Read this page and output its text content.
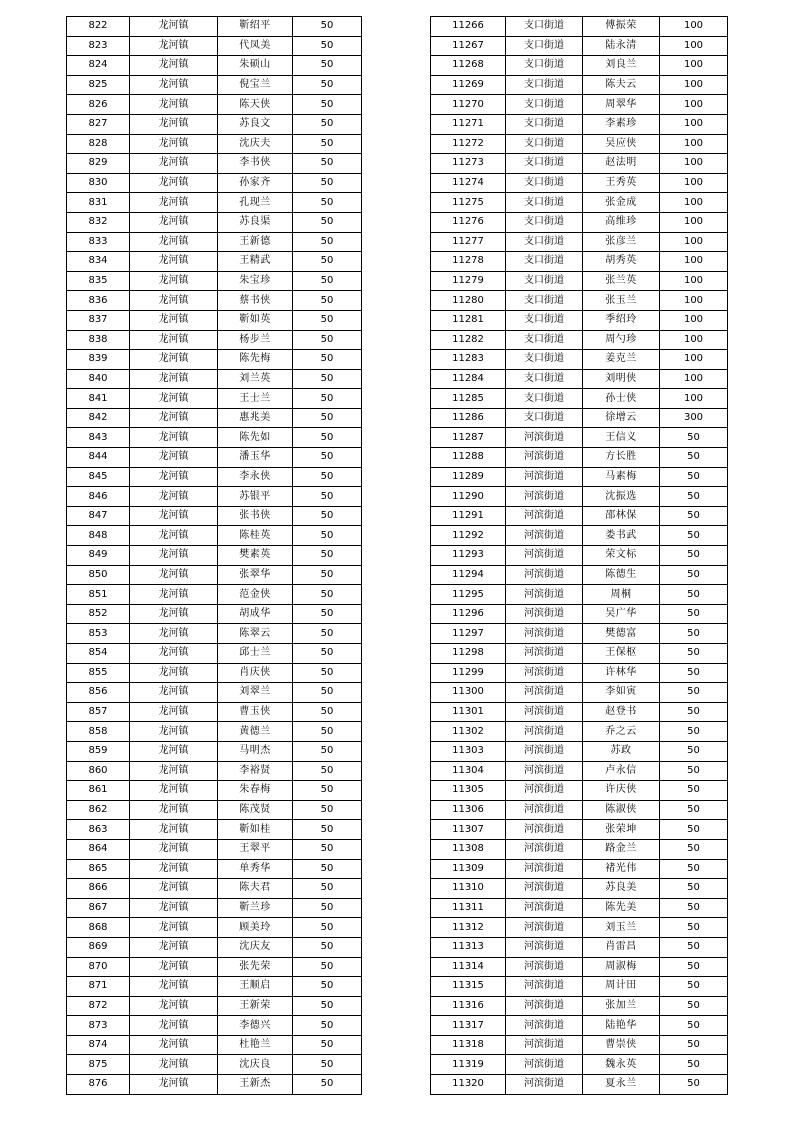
822	龙河镇	靳绍平	50
823	龙河镇	代凤美	50
824	龙河镇	朱硕山	50
825	龙河镇	倪宝兰	50
826	龙河镇	陈天侠	50
827	龙河镇	苏良文	50
828	龙河镇	沈庆夫	50
829	龙河镇	李书侠	50
830	龙河镇	孙家齐	50
831	龙河镇	孔现兰	50
832	龙河镇	苏良渠	50
833	龙河镇	王新德	50
834	龙河镇	王精武	50
835	龙河镇	朱宝珍	50
836	龙河镇	蔡书侠	50
837	龙河镇	靳如英	50
838	龙河镇	杨步兰	50
839	龙河镇	陈先梅	50
840	龙河镇	刘兰英	50
841	龙河镇	王士兰	50
842	龙河镇	惠兆美	50
843	龙河镇	陈先如	50
844	龙河镇	潘玉华	50
845	龙河镇	李永侠	50
846	龙河镇	苏银平	50
847	龙河镇	张书侠	50
848	龙河镇	陈桂英	50
849	龙河镇	樊素英	50
850	龙河镇	张翠华	50
851	龙河镇	范金侠	50
852	龙河镇	胡成华	50
853	龙河镇	陈翠云	50
854	龙河镇	邱士兰	50
855	龙河镇	肖庆侠	50
856	龙河镇	刘翠兰	50
857	龙河镇	曹玉侠	50
858	龙河镇	黄德兰	50
859	龙河镇	马明杰	50
860	龙河镇	李裕贤	50
861	龙河镇	朱春梅	50
862	龙河镇	陈茂贤	50
863	龙河镇	靳如桂	50
864	龙河镇	王翠平	50
865	龙河镇	单秀华	50
866	龙河镇	陈夫君	50
867	龙河镇	靳兰珍	50
868	龙河镇	顾美玲	50
869	龙河镇	沈庆友	50
870	龙河镇	张先荣	50
871	龙河镇	王顺启	50
872	龙河镇	王新荣	50
873	龙河镇	李德兴	50
874	龙河镇	杜艳兰	50
875	龙河镇	沈庆良	50
876	龙河镇	王新杰	50
11266	支口街道	傅振荣	100
11267	支口街道	陆永清	100
11268	支口街道	刘良兰	100
11269	支口街道	陈夫云	100
11270	支口街道	周翠华	100
11271	支口街道	李素珍	100
11272	支口街道	吴应侠	100
11273	支口街道	赵法明	100
11274	支口街道	王秀英	100
11275	支口街道	张金成	100
11276	支口街道	高维珍	100
11277	支口街道	张彦兰	100
11278	支口街道	胡秀英	100
11279	支口街道	张兰英	100
11280	支口街道	张玉兰	100
11281	支口街道	季绍玲	100
11282	支口街道	周勺珍	100
11283	支口街道	姜克兰	100
11284	支口街道	刘明侠	100
11285	支口街道	孙士侠	100
11286	支口街道	徐增云	300
11287	河滨街道	王信义	50
11288	河滨街道	方长胜	50
11289	河滨街道	马素梅	50
11290	河滨街道	沈振选	50
11291	河滨街道	邵林保	50
11292	河滨街道	娄书武	50
11293	河滨街道	荣文标	50
11294	河滨街道	陈德生	50
11295	河滨街道	周桐	50
11296	河滨街道	吴广华	50
11297	河滨街道	樊德富	50
11298	河滨街道	王保枢	50
11299	河滨街道	许林华	50
11300	河滨街道	李如寅	50
11301	河滨街道	赵登书	50
11302	河滨街道	乔之云	50
11303	河滨街道	苏政	50
11304	河滨街道	卢永信	50
11305	河滨街道	许庆侠	50
11306	河滨街道	陈淑侠	50
11307	河滨街道	张荣坤	50
11308	河滨街道	路金兰	50
11309	河滨街道	褚光伟	50
11310	河滨街道	苏良美	50
11311	河滨街道	陈先美	50
11312	河滨街道	刘玉兰	50
11313	河滨街道	肖雷昌	50
11314	河滨街道	周淑梅	50
11315	河滨街道	周计田	50
11316	河滨街道	张加兰	50
11317	河滨街道	陆艳华	50
11318	河滨街道	曹崇侠	50
11319	河滨街道	魏永英	50
11320	河滨街道	夏永兰	50
